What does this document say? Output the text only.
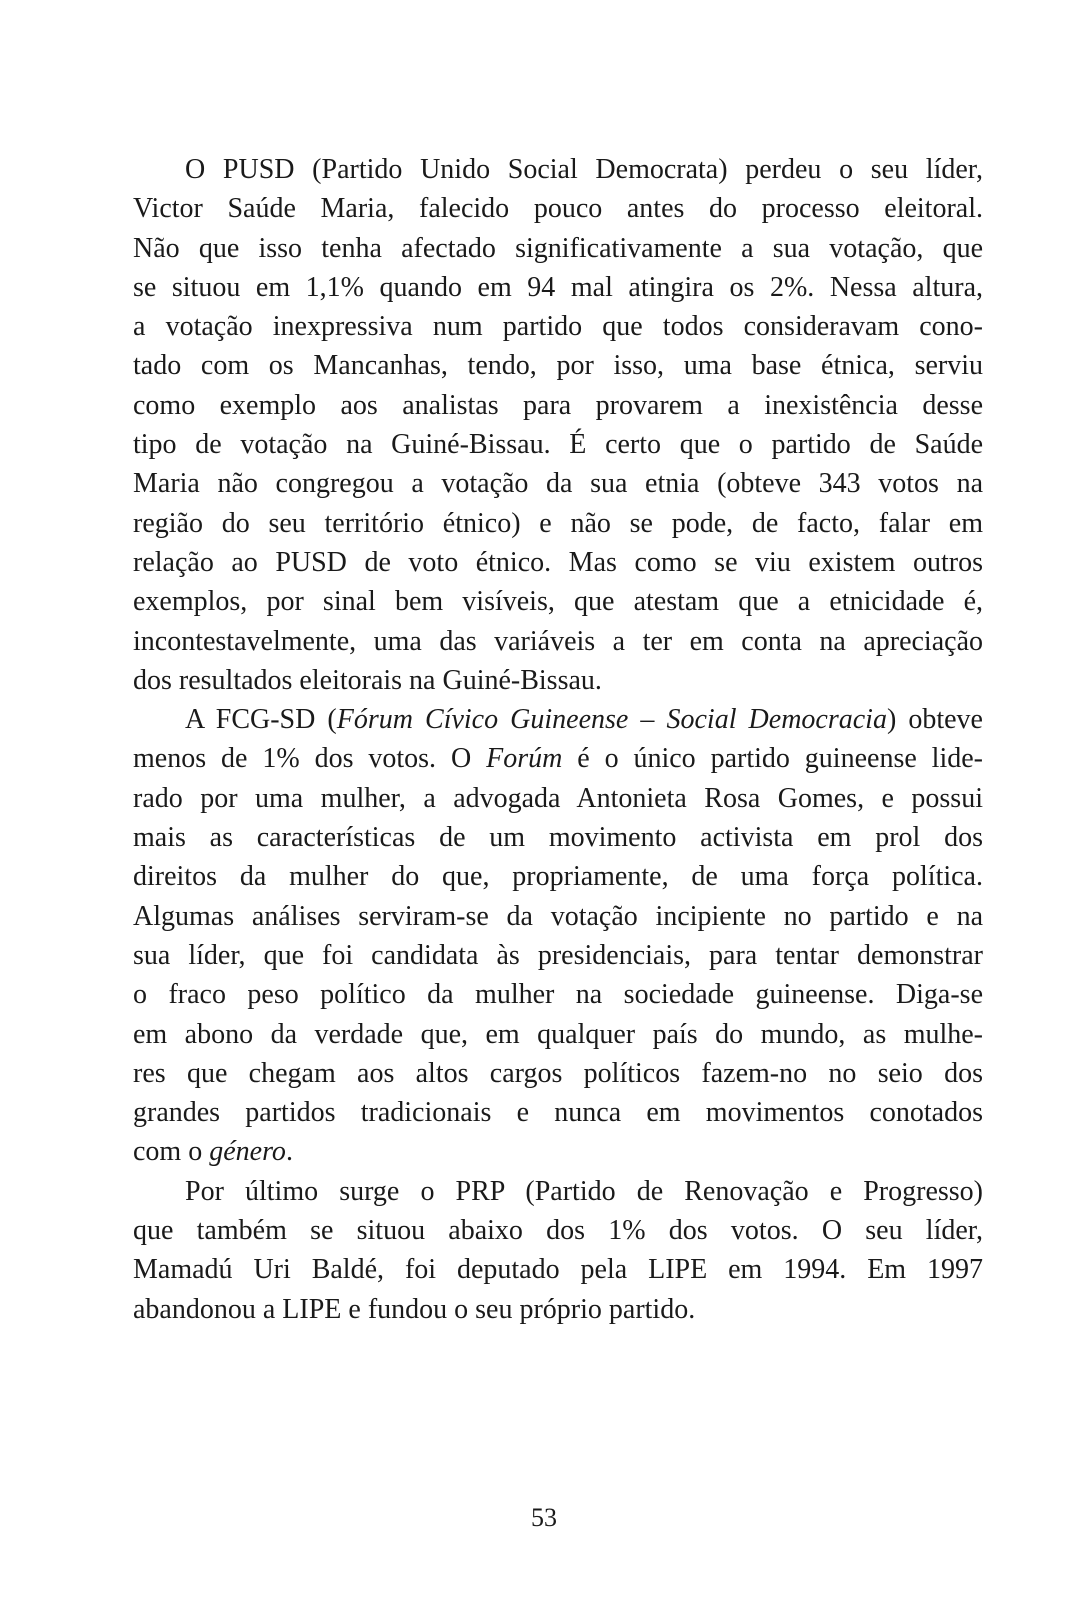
O PUSD (Partido Unido Social Democrata) perdeu o seu líder,
Victor Saúde Maria, falecido pouco antes do processo eleitoral.
Não que isso tenha afectado significativamente a sua votação, que
se situou em 1,1% quando em 94 mal atingira os 2%. Nessa altura,
a votação inexpressiva num partido que todos consideravam cono-
tado com os Mancanhas, tendo, por isso, uma base étnica, serviu
como exemplo aos analistas para provarem a inexistência desse
tipo de votação na Guiné-Bissau. É certo que o partido de Saúde
Maria não congregou a votação da sua etnia (obteve 343 votos na
região do seu território étnico) e não se pode, de facto, falar em
relação ao PUSD de voto étnico. Mas como se viu existem outros
exemplos, por sinal bem visíveis, que atestam que a etnicidade é,
incontestavelmente, uma das variáveis a ter em conta na apreciação
dos resultados eleitorais na Guiné-Bissau.
A FCG-SD (Fórum Cívico Guineense – Social Democracia) obteve
menos de 1% dos votos. O Forúm é o único partido guineense lide-
rado por uma mulher, a advogada Antonieta Rosa Gomes, e possui
mais as características de um movimento activista em prol dos
direitos da mulher do que, propriamente, de uma força política.
Algumas análises serviram-se da votação incipiente no partido e na
sua líder, que foi candidata às presidenciais, para tentar demonstrar
o fraco peso político da mulher na sociedade guineense. Diga-se
em abono da verdade que, em qualquer país do mundo, as mulhe-
res que chegam aos altos cargos políticos fazem-no no seio dos
grandes partidos tradicionais e nunca em movimentos conotados
com o género.
Por último surge o PRP (Partido de Renovação e Progresso)
que também se situou abaixo dos 1% dos votos. O seu líder,
Mamadú Uri Baldé, foi deputado pela LIPE em 1994. Em 1997
abandonou a LIPE e fundou o seu próprio partido.
53
